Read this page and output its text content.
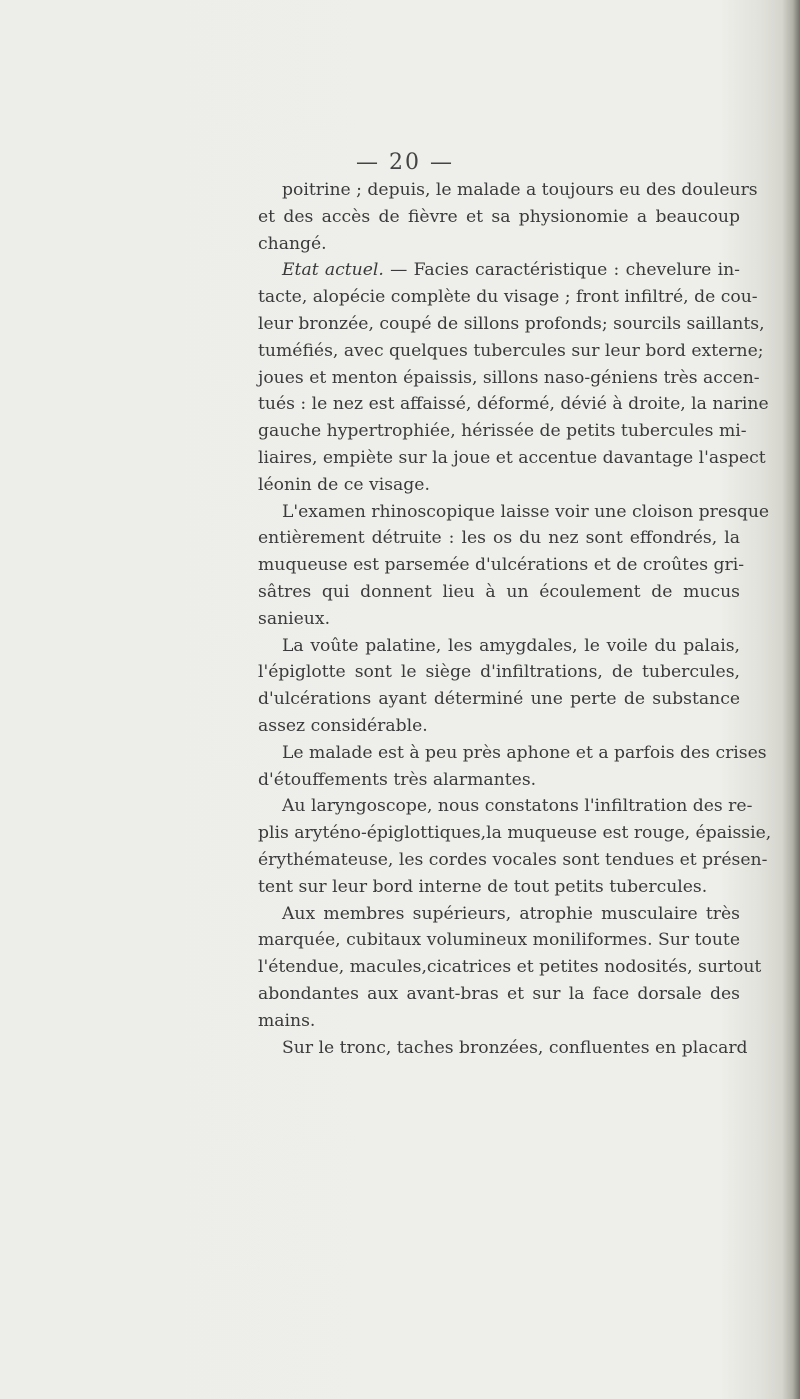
— 20 —
poitrine ; depuis, le malade a toujours eu des douleurs
et des accès de fièvre et sa physionomie a beaucoup
changé.
Etat actuel. — Facies caractéristique : chevelure in-
tacte, alopécie complète du visage ; front infiltré, de cou-
leur bronzée, coupé de sillons profonds; sourcils saillants,
tuméfiés, avec quelques tubercules sur leur bord externe;
joues et menton épaissis, sillons naso-géniens très accen-
tués : le nez est affaissé, déformé, dévié à droite, la narine
gauche hypertrophiée, hérissée de petits tubercules mi-
liaires, empiète sur la joue et accentue davantage l'aspect
léonin de ce visage.
L'examen rhinoscopique laisse voir une cloison presque
entièrement détruite : les os du nez sont effondrés, la
muqueuse est parsemée d'ulcérations et de croûtes gri-
sâtres qui donnent lieu à un écoulement de mucus
sanieux.
La voûte palatine, les amygdales, le voile du palais,
l'épiglotte sont le siège d'infiltrations, de tubercules,
d'ulcérations ayant déterminé une perte de substance
assez considérable.
Le malade est à peu près aphone et a parfois des crises
d'étouffements très alarmantes.
Au laryngoscope, nous constatons l'infiltration des re-
plis aryténo-épiglottiques,la muqueuse est rouge, épaissie,
érythémateuse, les cordes vocales sont tendues et présen-
tent sur leur bord interne de tout petits tubercules.
Aux membres supérieurs, atrophie musculaire très
marquée, cubitaux volumineux moniliformes. Sur toute
l'étendue, macules,cicatrices et petites nodosités, surtout
abondantes aux avant-bras et sur la face dorsale des
mains.
Sur le tronc, taches bronzées, confluentes en placard
